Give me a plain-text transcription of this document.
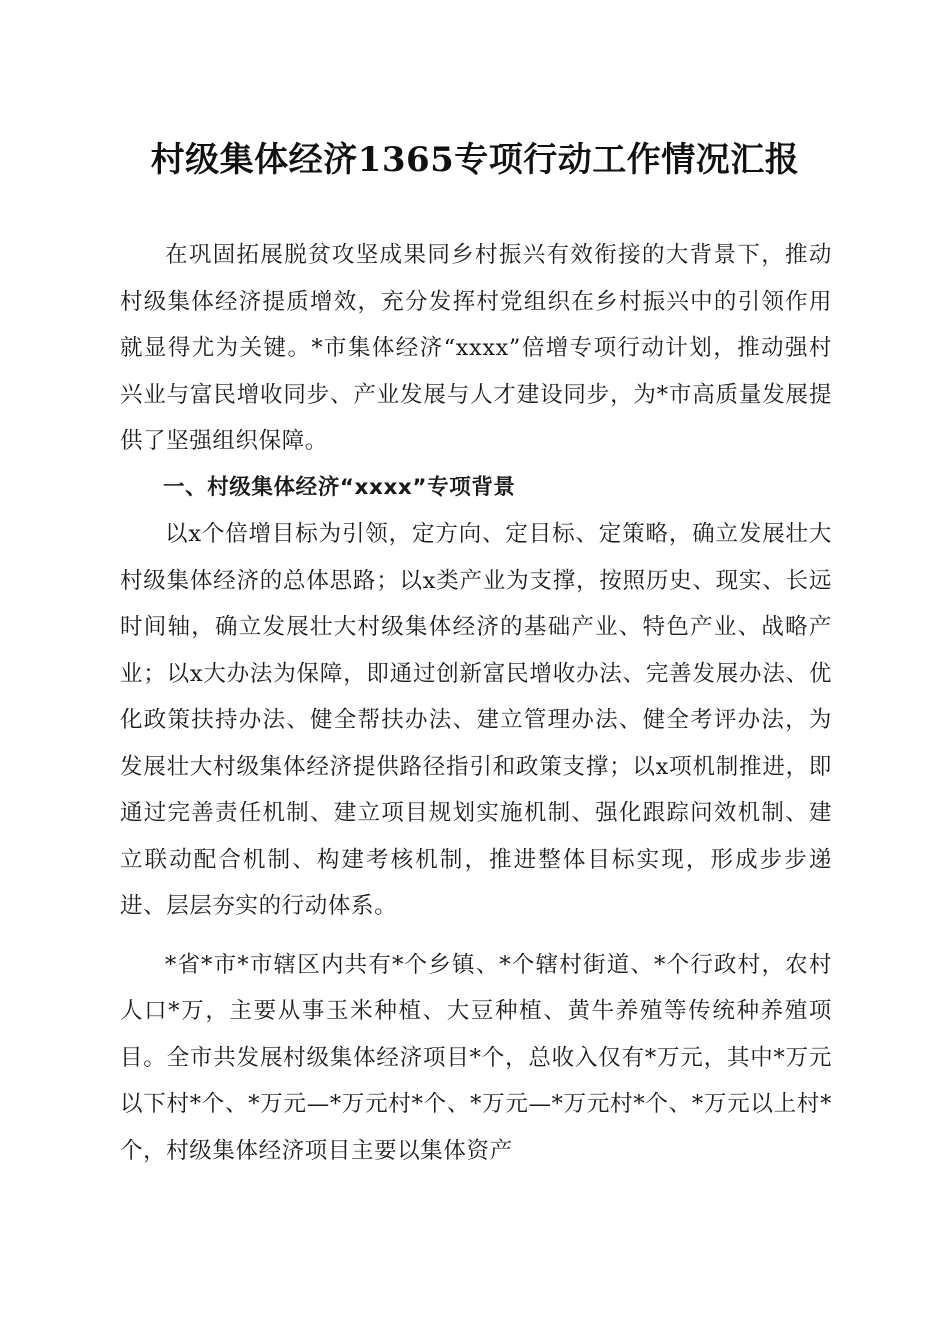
村级集体经济1365专项行动工作情况汇报

在巩固拓展脱贫攻坚成果同乡村振兴有效衔接的大背景下，推动村级集体经济提质增效，充分发挥村党组织在乡村振兴中的引领作用就显得尤为关键。*市集体经济“xxxx”倍增专项行动计划，推动强村兴业与富民增收同步、产业发展与人才建设同步，为*市高质量发展提供了坚强组织保障。

一、村级集体经济“xxxx”专项背景

以x个倍增目标为引领，定方向、定目标、定策略，确立发展壮大村级集体经济的总体思路；以x类产业为支撑，按照历史、现实、长远时间轴，确立发展壮大村级集体经济的基础产业、特色产业、战略产业；以x大办法为保障，即通过创新富民增收办法、完善发展办法、优化政策扶持办法、健全帮扶办法、建立管理办法、健全考评办法，为发展壮大村级集体经济提供路径指引和政策支撑；以x项机制推进，即通过完善责任机制、建立项目规划实施机制、强化跟踪问效机制、建立联动配合机制、构建考核机制，推进整体目标实现，形成步步递进、层层夯实的行动体系。

*省*市*市辖区内共有*个乡镇、*个辖村街道、*个行政村，农村人口*万，主要从事玉米种植、大豆种植、黄牛养殖等传统种养殖项目。全市共发展村级集体经济项目*个，总收入仅有*万元，其中*万元以下村*个、*万元—*万元村*个、*万元—*万元村*个、*万元以上村*个，村级集体经济项目主要以集体资产
